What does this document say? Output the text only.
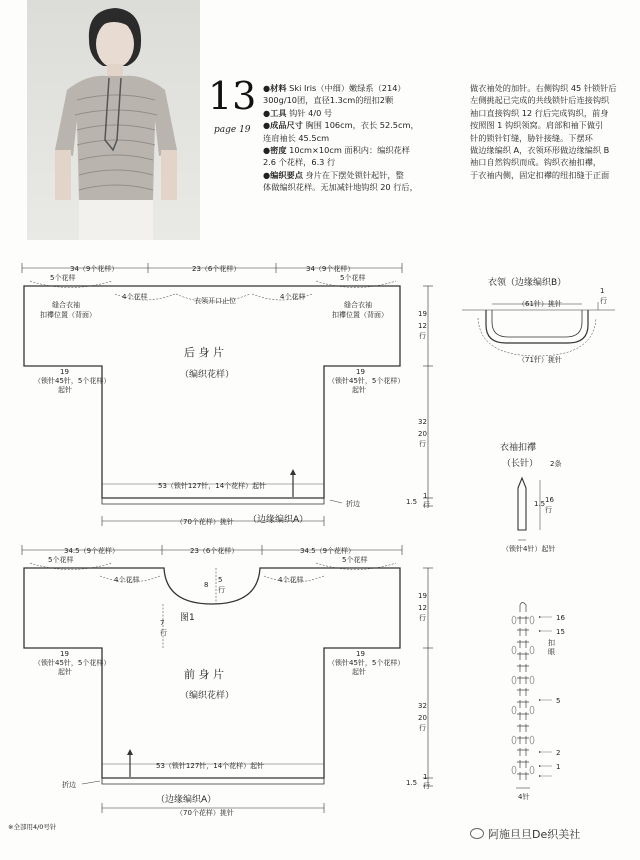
13
page 19
●材料 Ski Iris（中细）嫩绿系（214）
300g/10团，直径1.3cm的纽扣2颗
●工具 钩针 4/0 号
●成品尺寸 胸围 106cm，衣长 52.5cm，
连肩袖长 45.5cm
●密度 10cm×10cm 面积内：编织花样
2.6 个花样，6.3 行
●编织要点 身片在下摆处锁针起针，整
体做编织花样。无加减针地钩织 20 行后，
做衣袖处的加针。右侧钩织 45 针锁针后
左侧挑起已完成的共线锁针后连接钩织
袖口直接钩织 12 行后完成钩织，前身
按照图 1 钩织领窝。肩部和袖下做引
针的锁针钉缝，胁针接缝。下摆环
做边缘编织 A，衣领环形做边缘编织 B
袖口自然钩织而成。钩织衣袖扣襻，
于衣袖内侧，固定扣襻的纽扣缝于正面
34（9个花样）	23（6个花样）	34（9个花样）
5个花样	5个花样
4个花样	4个花样
衣领开口止位
缝合衣袖
扣襻位置（背面）
缝合衣袖
扣襻位置（背面）
后 身 片
（编织花样）
19
（锁针45针，5个花样）
起针
19
（锁针45针，5个花样）
起针
53（锁针127针，14个花样）起针
折边
（70个花样）挑针 （边缘编织A）
19
12
行
32
20
行
1.5
1
行
34.5（9个花样）	23（6个花样）	34.5（9个花样）
5个花样	5个花样
4个花样	4个花样
8
5
行
图1
7
行
前 身 片
（编织花样）
19
（锁针45针，5个花样）
起针
19
（锁针45针，5个花样）
起针
53（锁针127针，14个花样）起针
折边
（边缘编织A）
（70个花样）挑针
19
12
行
32
20
行
1.5
1
行
衣领（边缘编织B）
（61针）挑针
（71针）挑针
1
行
衣袖扣襻
（长针） 2条
1.5 16
行
（锁针4针）起针
16
15
扣
眼
5
2
1
4针
※全部用4/0号针
阿施旦旦De织美社
